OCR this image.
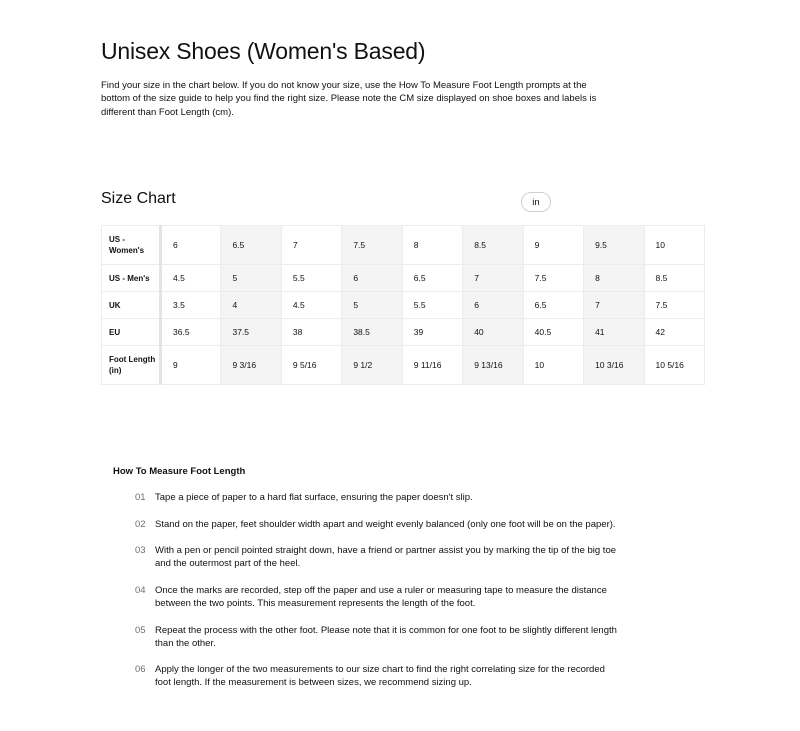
Unisex Shoes (Women's Based)

Find your size in the chart below. If you do not know your size, use the How To Measure Foot Length prompts at the bottom of the size guide to help you find the right size. Please note the CM size displayed on shoe boxes and labels is different than Foot Length (cm).

Size Chart	in
US - Women's	6	6.5	7	7.5	8	8.5	9	9.5	10
US - Men's	4.5	5	5.5	6	6.5	7	7.5	8	8.5
UK	3.5	4	4.5	5	5.5	6	6.5	7	7.5
EU	36.5	37.5	38	38.5	39	40	40.5	41	42
Foot Length (in)	9	9 3/16	9 5/16	9 1/2	9 11/16	9 13/16	10	10 3/16	10 5/16
How To Measure Foot Length
01 Tape a piece of paper to a hard flat surface, ensuring the paper doesn't slip.
02 Stand on the paper, feet shoulder width apart and weight evenly balanced (only one foot will be on the paper).
03 With a pen or pencil pointed straight down, have a friend or partner assist you by marking the tip of the big toe and the outermost part of the heel.
04 Once the marks are recorded, step off the paper and use a ruler or measuring tape to measure the distance between the two points. This measurement represents the length of the foot.
05 Repeat the process with the other foot. Please note that it is common for one foot to be slightly different length than the other.
06 Apply the longer of the two measurements to our size chart to find the right correlating size for the recorded foot length. If the measurement is between sizes, we recommend sizing up.
